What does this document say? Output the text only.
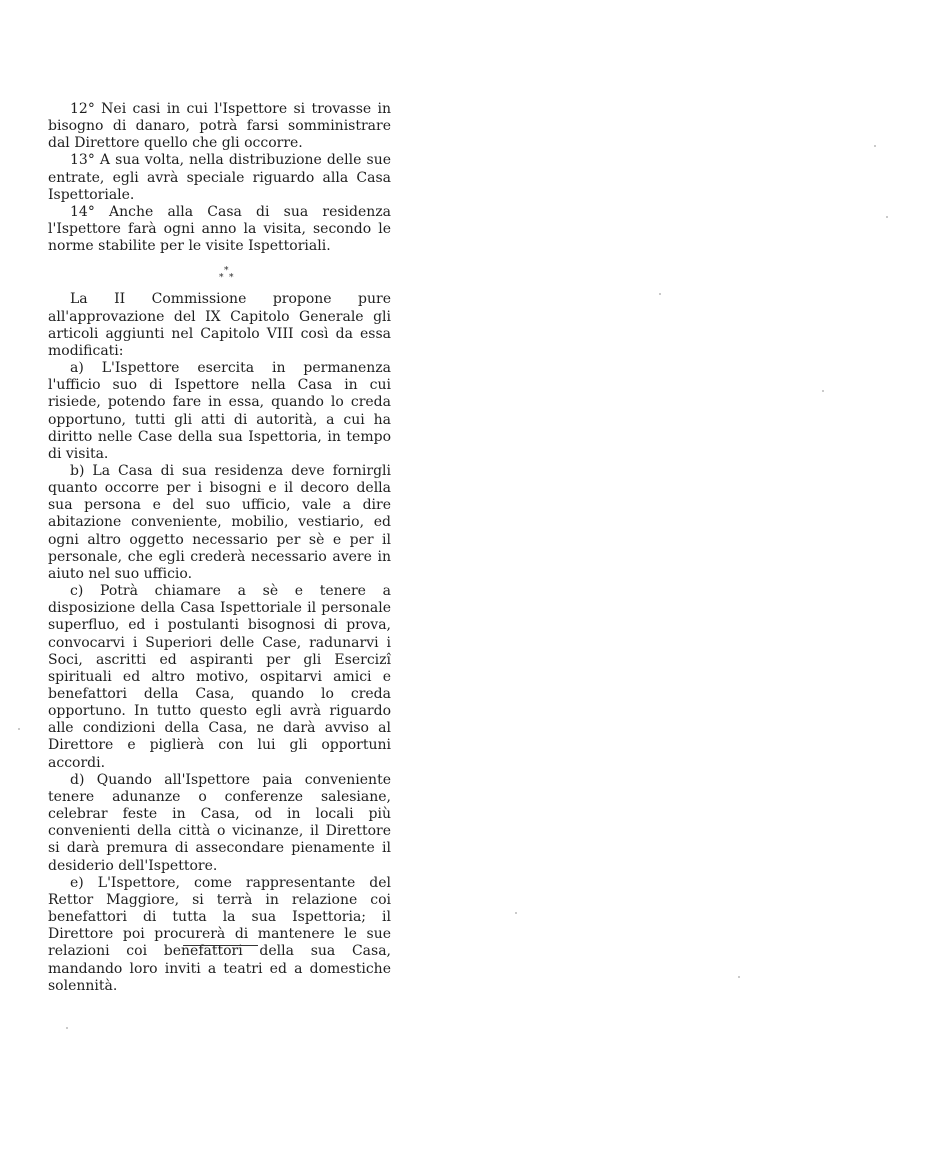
12° Nei casi in cui l'Ispettore si trovasse in bisogno di danaro, potrà farsi somministrare dal Direttore quello che gli occorre.

13° A sua volta, nella distribuzione delle sue entrate, egli avrà speciale riguardo alla Casa Ispettoriale.

14° Anche alla Casa di sua residenza l'Ispettore farà ogni anno la visita, secondo le norme stabilite per le visite Ispettoriali.

*
* *

La II Commissione propone pure all'approvazione del IX Capitolo Generale gli articoli aggiunti nel Capitolo VIII così da essa modificati:

a) L'Ispettore esercita in permanenza l'ufficio suo di Ispettore nella Casa in cui risiede, potendo fare in essa, quando lo creda opportuno, tutti gli atti di autorità, a cui ha diritto nelle Case della sua Ispettoria, in tempo di visita.

b) La Casa di sua residenza deve fornirgli quanto occorre per i bisogni e il decoro della sua persona e del suo ufficio, vale a dire abitazione conveniente, mobilio, vestiario, ed ogni altro oggetto necessario per sè e per il personale, che egli crederà necessario avere in aiuto nel suo ufficio.

c) Potrà chiamare a sè e tenere a disposizione della Casa Ispettoriale il personale superfluo, ed i postulanti bisognosi di prova, convocarvi i Superiori delle Case, radunarvi i Soci, ascritti ed aspiranti per gli Esercizî spirituali ed altro motivo, ospitarvi amici e benefattori della Casa, quando lo creda opportuno. In tutto questo egli avrà riguardo alle condizioni della Casa, ne darà avviso al Direttore e piglierà con lui gli opportuni accordi.

d) Quando all'Ispettore paia conveniente tenere adunanze o conferenze salesiane, celebrar feste in Casa, od in locali più convenienti della città o vicinanze, il Direttore si darà premura di assecondare pienamente il desiderio dell'Ispettore.

e) L'Ispettore, come rappresentante del Rettor Maggiore, si terrà in relazione coi benefattori di tutta la sua Ispettoria; il Direttore poi procurerà di mantenere le sue relazioni coi benefattori della sua Casa, mandando loro inviti a teatri ed a domestiche solennità.
